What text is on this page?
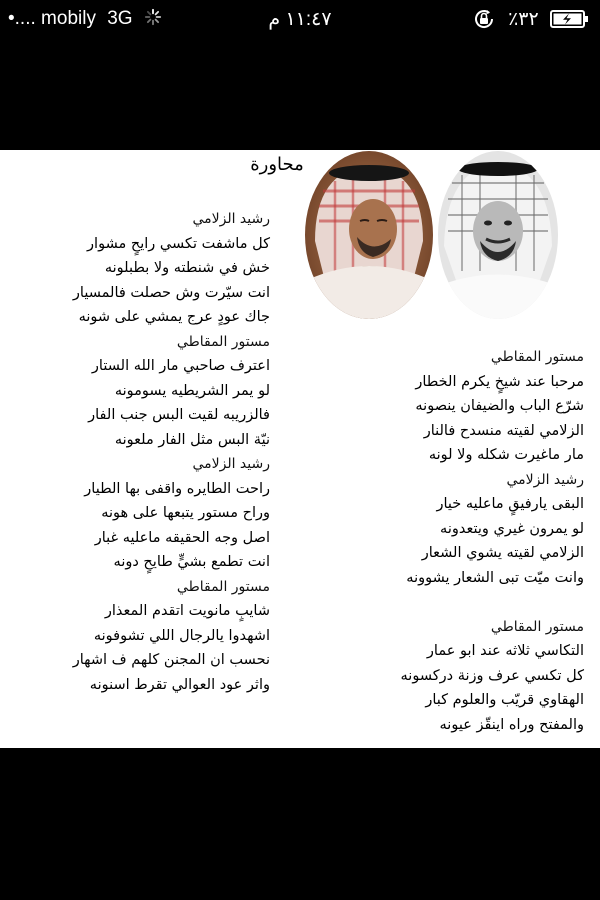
•.... mobily 3G	١١:٤٧ م	٪٣٢
محاورة
رشيد الزلامي
كل ماشفت تكسي رايحٍ مشوار
خش في شنطته ولا بطبلونه
انت سيّرت وش حصلت فالمسيار
جاك عودٍ عرج يمشي على شونه
مستور المقاطي
اعترف صاحبي مار الله الستار
لو يمر الشريطيه يسومونه
فالزريبه لقيت البس جنب الفار
نيّة البس مثل الفار ملعونه
رشيد الزلامي
راحت الطايره واقفى بها الطيار
وراح مستور يتبعها على هونه
اصل وجه الحقيقه ماعليه غبار
انت تطمع بشيٍّ طايحٍ دونه
مستور المقاطي
شايبٍ مانويت اتقدم المعذار
اشهدوا يالرجال اللي تشوفونه
نحسب ان المجنن كلهم ف اشهار
واثر عود العوالي تقرط اسنونه
مستور المقاطي
مرحبا عند شيخٍ يكرم الخطار
شرّع الباب والضيفان ينصونه
الزلامي لقيته منسدح فالنار
مار ماغيرت شكله ولا لونه
رشيد الزلامي
البقى يارفيقٍ ماعليه خيار
لو يمرون غيري ويتعدونه
الزلامي لقيته يشوي الشعار
وانت ميّت تبى الشعار يشوونه

مستور المقاطي
التكاسي ثلاثه عند ابو عمار
كل تكسي عرف وزنة دركسونه
الهقاوي قريّب والعلوم كبار
والمفتح وراه اينقّز عيونه
